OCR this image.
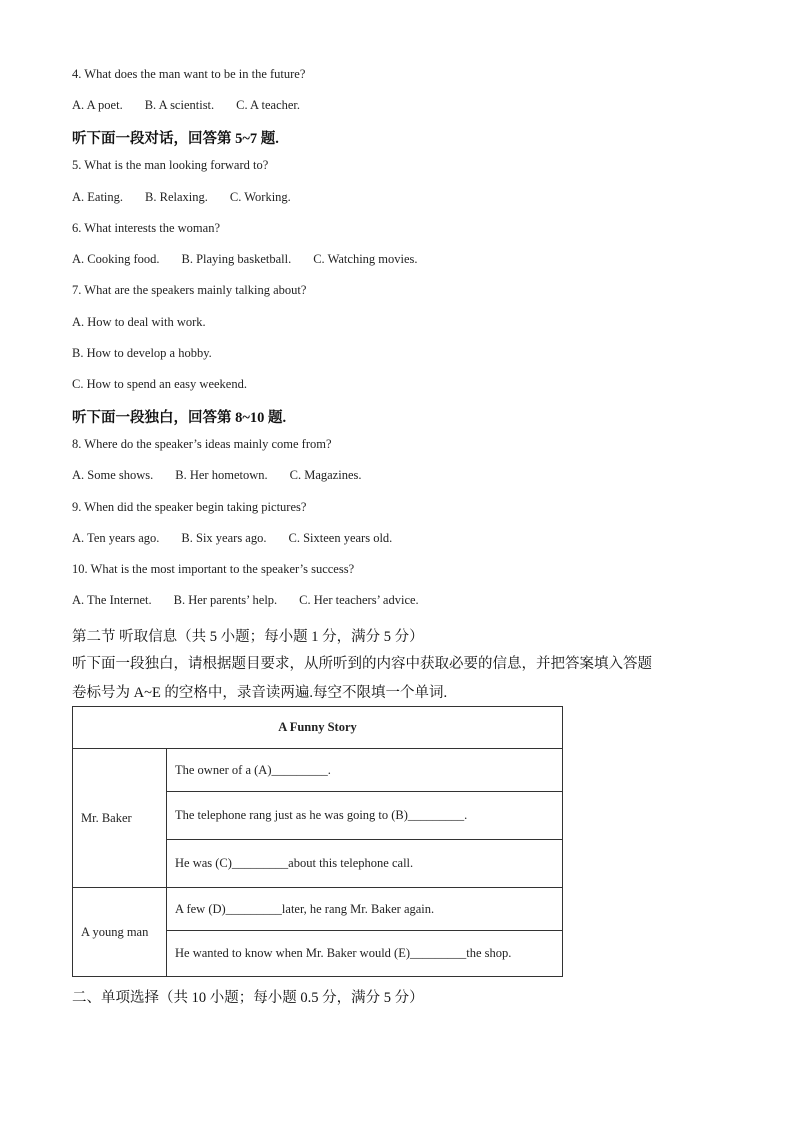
4. What does the man want to be in the future?
A. A poet. B. A scientist. C. A teacher.
听下面一段对话，回答第 5~7 题.
5. What is the man looking forward to?
A. Eating. B. Relaxing. C. Working.
6. What interests the woman?
A. Cooking food. B. Playing basketball. C. Watching movies.
7. What are the speakers mainly talking about?
A. How to deal with work.
B. How to develop a hobby.
C. How to spend an easy weekend.
听下面一段独白，回答第 8~10 题.
8. Where do the speaker’s ideas mainly come from?
A. Some shows. B. Her hometown. C. Magazines.
9. When did the speaker begin taking pictures?
A. Ten years ago. B. Six years ago. C. Sixteen years old.
10. What is the most important to the speaker’s success?
A. The Internet. B. Her parents’ help. C. Her teachers’ advice.
第二节 听取信息（共 5 小题；每小题 1 分，满分 5 分）
听下面一段独白，请根据题目要求，从所听到的内容中获取必要的信息，并把答案填入答题
卷标号为 A~E 的空格中，录音读两遍.每空不限填一个单词.
A Funny Story	
Mr. Baker	The owner of a (A)_________.
	The telephone rang just as he was going to (B)_________.
	He was (C)_________about this telephone call.
A young man	A few (D)_________later, he rang Mr. Baker again.
	He wanted to know when Mr. Baker would (E)_________the shop.
二、单项选择（共 10 小题；每小题 0.5 分，满分 5 分）
